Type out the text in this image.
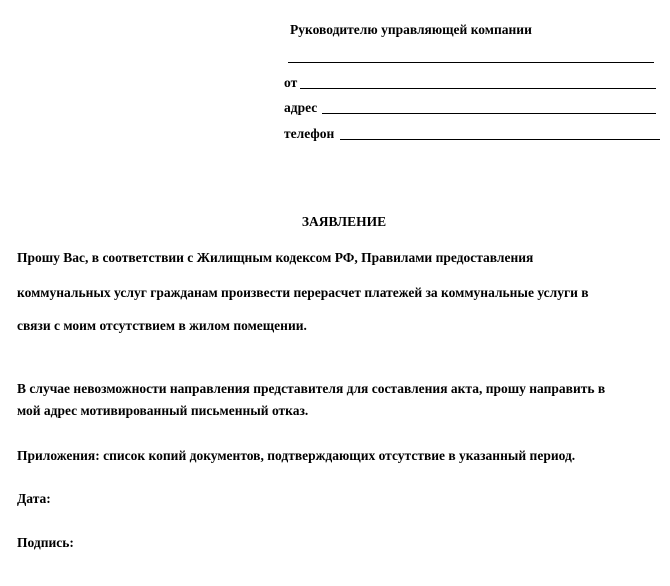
Руководителю управляющей компании
от
адрес
телефон
ЗАЯВЛЕНИЕ
Прошу Вас, в соответствии с Жилищным кодексом РФ, Правилами предоставления
коммунальных услуг гражданам произвести перерасчет платежей за коммунальные услуги в
связи с моим отсутствием в жилом помещении.
В случае невозможности направления представителя для составления акта, прошу направить в
мой адрес мотивированный письменный отказ.
Приложения: список копий документов, подтверждающих отсутствие в указанный период.
Дата:
Подпись:
